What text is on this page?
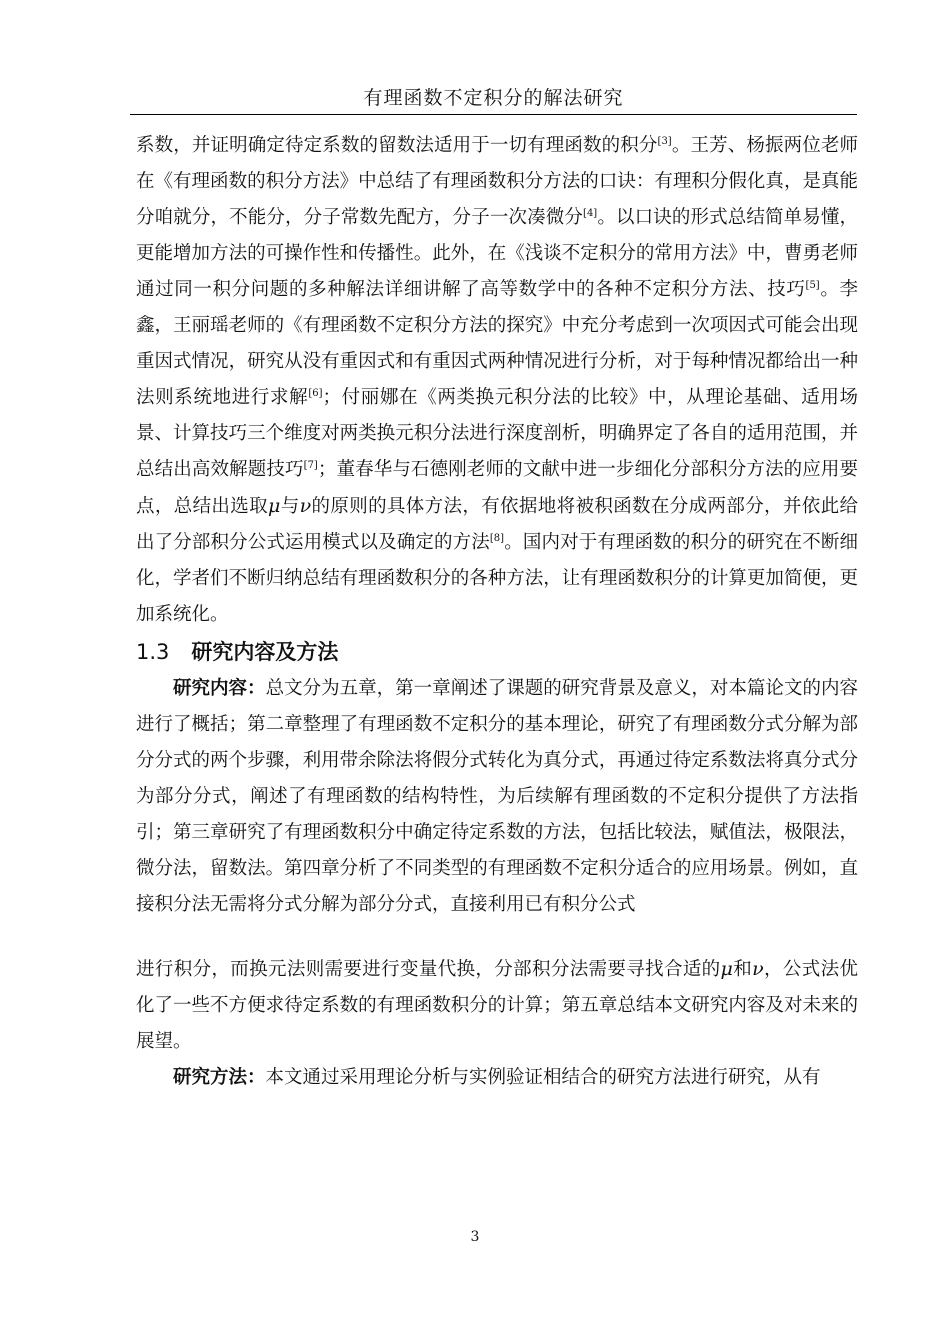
有理函数不定积分的解法研究

系数，并证明确定待定系数的留数法适用于一切有理函数的积分[3]。王芳、杨振两位老师在《有理函数的积分方法》中总结了有理函数积分方法的口诀：有理积分假化真，是真能分咱就分，不能分，分子常数先配方，分子一次凑微分[4]。以口诀的形式总结简单易懂，更能增加方法的可操作性和传播性。此外，在《浅谈不定积分的常用方法》中，曹勇老师通过同一积分问题的多种解法详细讲解了高等数学中的各种不定积分方法、技巧[5]。李鑫，王丽瑶老师的《有理函数不定积分方法的探究》中充分考虑到一次项因式可能会出现重因式情况，研究从没有重因式和有重因式两种情况进行分析，对于每种情况都给出一种法则系统地进行求解[6]；付丽娜在《两类换元积分法的比较》中，从理论基础、适用场景、计算技巧三个维度对两类换元积分法进行深度剖析，明确界定了各自的适用范围，并总结出高效解题技巧[7]；董春华与石德刚老师的文献中进一步细化分部积分方法的应用要点，总结出选取μ与ν的原则的具体方法，有依据地将被积函数在分成两部分，并依此给出了分部积分公式运用模式以及确定的方法[8]。国内对于有理函数的积分的研究在不断细化，学者们不断归纳总结有理函数积分的各种方法，让有理函数积分的计算更加简便，更加系统化。

1.3 研究内容及方法

研究内容：总文分为五章，第一章阐述了课题的研究背景及意义，对本篇论文的内容进行了概括；第二章整理了有理函数不定积分的基本理论，研究了有理函数分式分解为部分分式的两个步骤，利用带余除法将假分式转化为真分式，再通过待定系数法将真分式分为部分分式，阐述了有理函数的结构特性，为后续解有理函数的不定积分提供了方法指引；第三章研究了有理函数积分中确定待定系数的方法，包括比较法，赋值法，极限法，微分法，留数法。第四章分析了不同类型的有理函数不定积分适合的应用场景。例如，直接积分法无需将分式分解为部分分式，直接利用已有积分公式

进行积分，而换元法则需要进行变量代换，分部积分法需要寻找合适的μ和ν，公式法优化了一些不方便求待定系数的有理函数积分的计算；第五章总结本文研究内容及对未来的展望。

研究方法：本文通过采用理论分析与实例验证相结合的研究方法进行研究，从有

3
